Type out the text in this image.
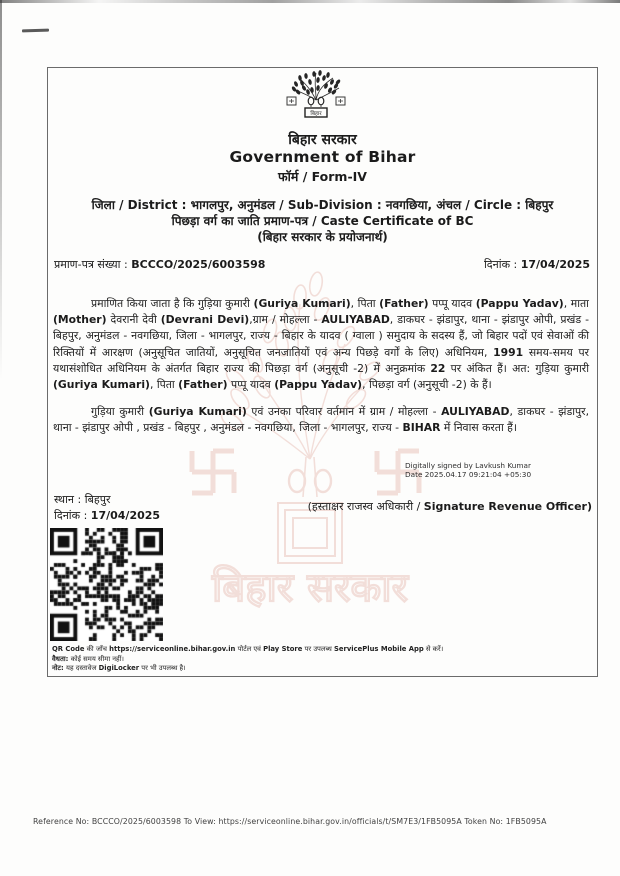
बिहार सरकार
बिहार
बिहार सरकार
Government of Bihar
फॉर्म / Form-IV
जिला / District : भागलपुर, अनुमंडल / Sub-Division : नवगछिया, अंचल / Circle : बिहपुर
पिछड़ा वर्ग का जाति प्रमाण-पत्र / Caste Certificate of BC
(बिहार सरकार के प्रयोजनार्थ)
प्रमाण-पत्र संख्या : BCCCO/2025/6003598	दिनांक : 17/04/2025
प्रमाणित किया जाता है कि गुड़िया कुमारी (Guriya Kumari), पिता (Father) पप्पू यादव (Pappu Yadav), माता (Mother) देवरानी देवी (Devrani Devi),ग्राम / मोहल्ला - AULIYABAD, डाकघर - झंडापुर, थाना - झंडापुर ओपी, प्रखंड - बिहपुर, अनुमंडल - नवगछिया, जिला - भागलपुर, राज्य - बिहार के यादव ( ग्वाला ) समुदाय के सदस्य हैं, जो बिहार पदों एवं सेवाओं की रिक्तियों में आरक्षण (अनुसूचित जातियों, अनुसूचित जनजातियों एवं अन्य पिछड़े वर्गों के लिए) अधिनियम, 1991 समय-समय पर यथासंशोधित अधिनियम के अंतर्गत बिहार राज्य की पिछड़ा वर्ग (अनुसूची -2) में अनुक्रमांक 22 पर अंकित हैं। अत: गुड़िया कुमारी (Guriya Kumari), पिता (Father) पप्पू यादव (Pappu Yadav), पिछड़ा वर्ग (अनुसूची -2) के हैं।
गुड़िया कुमारी (Guriya Kumari) एवं उनका परिवार वर्तमान में ग्राम / मोहल्ला - AULIYABAD, डाकघर - झंडापुर, थाना - झंडापुर ओपी , प्रखंड - बिहपुर , अनुमंडल - नवगछिया, जिला - भागलपुर, राज्य - BIHAR में निवास करता हैं।
Digitally signed by Lavkush Kumar
Date 2025.04.17 09:21:04 +05:30
स्थान : बिहपुर
दिनांक : 17/04/2025
(हस्ताक्षर राजस्व अधिकारी / Signature Revenue Officer)
QR Code की जाँच https://serviceonline.bihar.gov.in पोर्टल एवं Play Store पर उपलब्ध ServicePlus Mobile App से करें।
वैधता: कोई समय सीमा नहीं।
नोट: यह दस्तावेज DigiLocker पर भी उपलब्ध है।
Reference No: BCCCO/2025/6003598 To View: https://serviceonline.bihar.gov.in/officials/t/SM7E3/1FB5095A Token No: 1FB5095A
